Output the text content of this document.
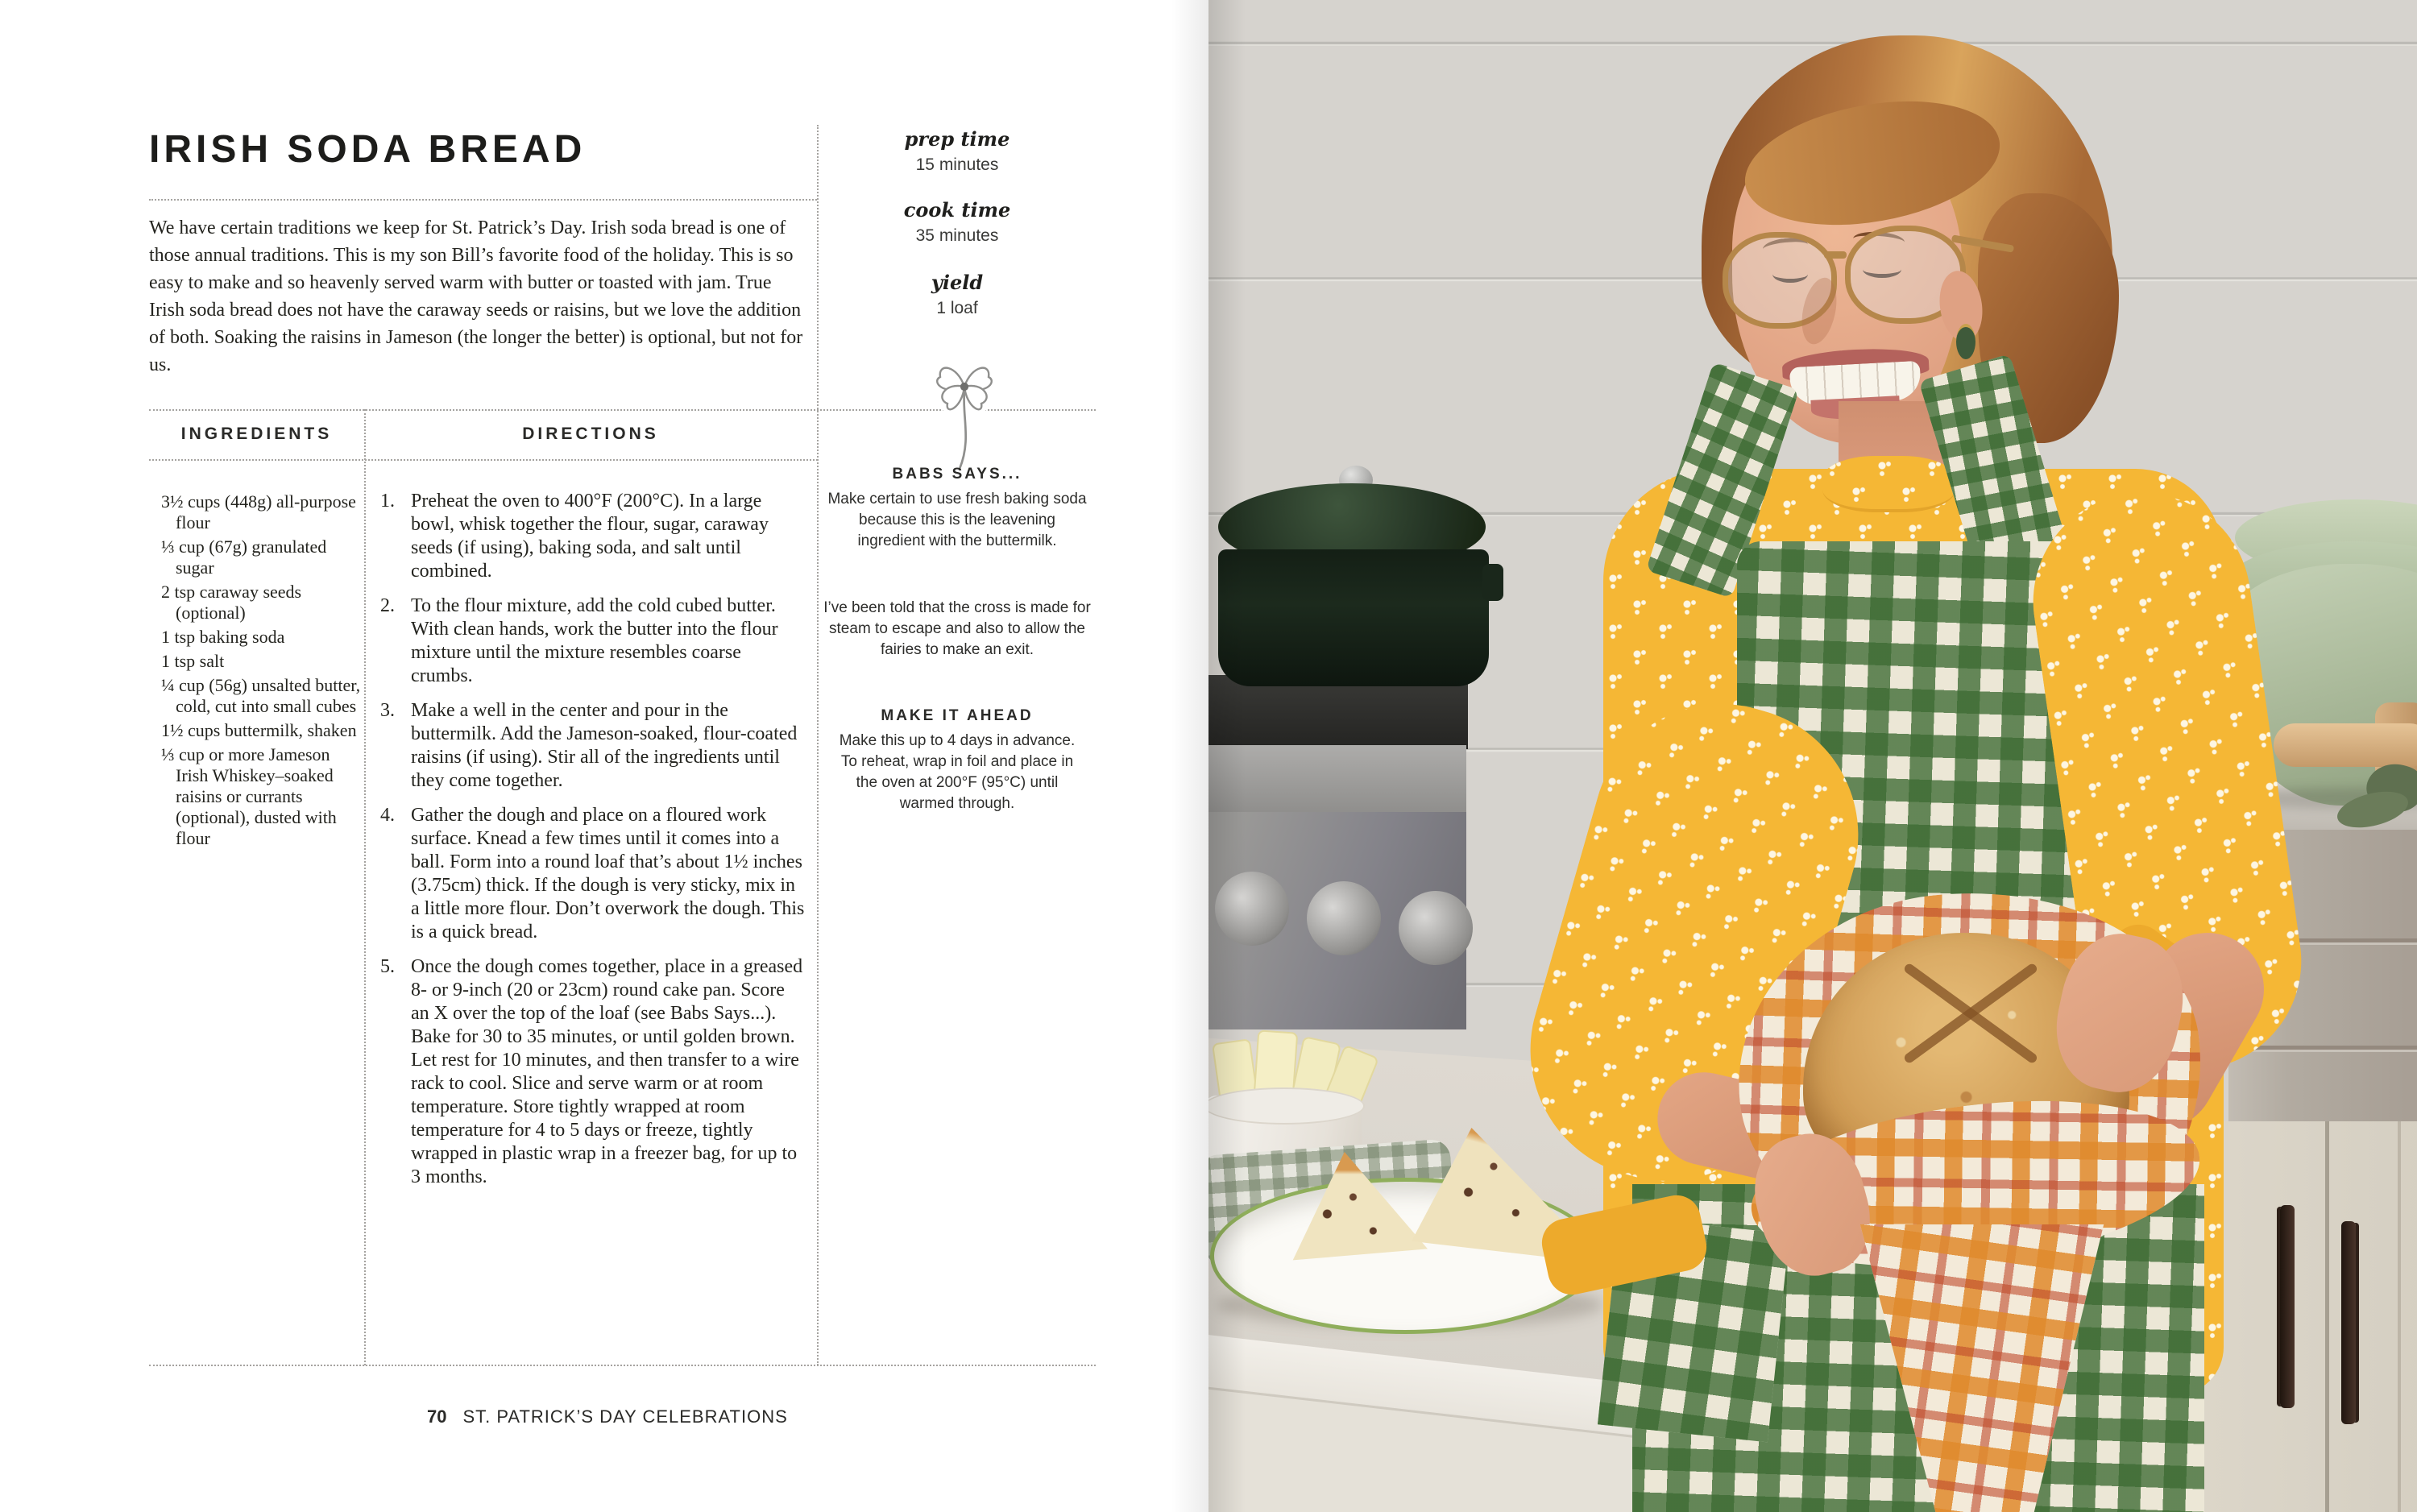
IRISH SODA BREAD
We have certain traditions we keep for St. Patrick’s Day. Irish soda bread is one of those annual traditions. This is my son Bill’s favorite food of the holiday. This is so easy to make and so heavenly served warm with butter or toasted with jam. True Irish soda bread does not have the caraway seeds or raisins, but we love the addition of both. Soaking the raisins in Jameson (the longer the better) is optional, but not for us.
prep time
15 minutes
cook time
35 minutes
yield
1 loaf
INGREDIENTS	DIRECTIONS
3½ cups (448g) all-purpose flour
⅓ cup (67g) granulated sugar
2 tsp caraway seeds (optional)
1 tsp baking soda
1 tsp salt
¼ cup (56g) unsalted butter, cold, cut into small cubes
1½ cups buttermilk, shaken
⅓ cup or more Jameson Irish Whiskey–soaked raisins or currants (optional), dusted with flour
Preheat the oven to 400°F (200°C). In a large bowl, whisk together the flour, sugar, caraway seeds (if using), baking soda, and salt until combined.
To the flour mixture, add the cold cubed butter. With clean hands, work the butter into the flour mixture until the mixture resembles coarse crumbs.
Make a well in the center and pour in the buttermilk. Add the Jameson-soaked, flour-coated raisins (if using). Stir all of the ingredients until they come together.
Gather the dough and place on a floured work surface. Knead a few times until it comes into a ball. Form into a round loaf that’s about 1½ inches (3.75cm) thick. If the dough is very sticky, mix in a little more flour. Don’t overwork the dough. This is a quick bread.
Once the dough comes together, place in a greased 8- or 9-inch (20 or 23cm) round cake pan. Score an X over the top of the loaf (see Babs Says...). Bake for 30 to 35 minutes, or until golden brown. Let rest for 10 minutes, and then transfer to a wire rack to cool. Slice and serve warm or at room temperature. Store tightly wrapped at room temperature for 4 to 5 days or freeze, tightly wrapped in plastic wrap in a freezer bag, for up to 3 months.
BABS SAYS...
Make certain to use fresh baking soda because this is the leavening ingredient with the buttermilk.
I’ve been told that the cross is made for steam to escape and also to allow the fairies to make an exit.
MAKE IT AHEAD
Make this up to 4 days in advance. To reheat, wrap in foil and place in the oven at 200°F (95°C) until warmed through.
70 ST. PATRICK’S DAY CELEBRATIONS
